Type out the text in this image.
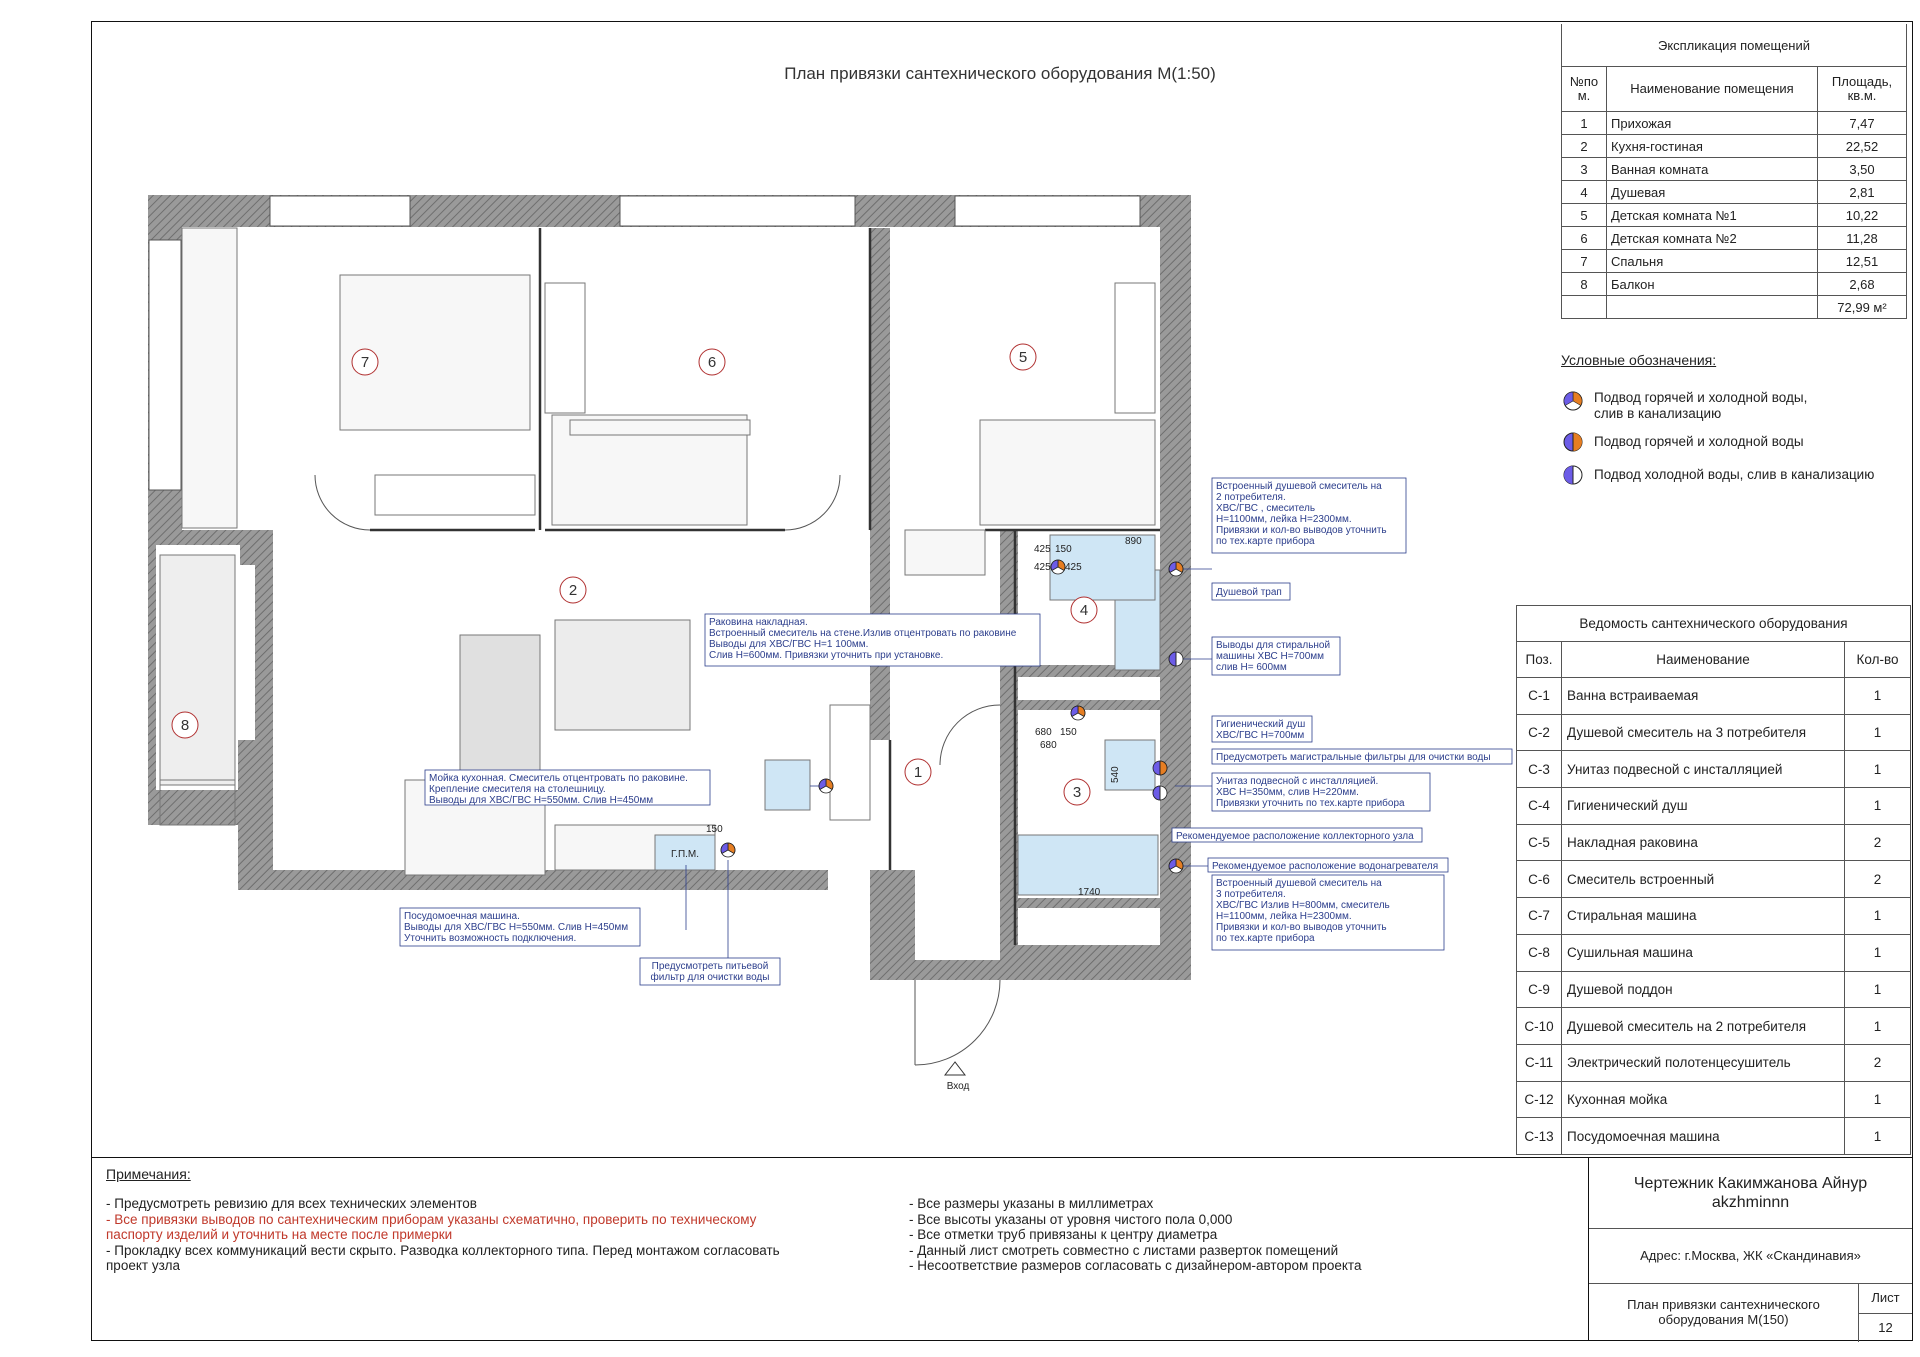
План привязки сантехнического оборудования М(1:50)
7	6	5
2
4
1
3
8
Вход
Г.П.М.
425 150
425 425
890
680 150
680
540
1740
150
Встроенный душевой смеситель на 2 потребителя. ХВС/ГВС , смеситель Н=1100мм, лейка Н=2300мм. Привязки и кол-во выводов уточнить по тех.карте прибора
Душевой трап
Выводы для стиральной машины ХВС Н=700мм слив Н= 600мм
Раковина накладная. Встроенный смеситель на стене.Излив отцентровать по раковине Выводы для ХВС/ГВС Н=1 100мм. Слив Н=600мм. Привязки уточнить при установке.
Гигиенический душ ХВС/ГВС Н=700мм
Предусмотреть магистральные фильтры для очистки воды
Унитаз подвесной с инсталляцией. ХВС Н=350мм, слив Н=220мм. Привязки уточнить по тех.карте прибора
Рекомендуемое расположение коллекторного узла
Рекомендуемое расположение водонагревателя
Встроенный душевой смеситель на 3 потребителя. ХВС/ГВС Излив Н=800мм, смеситель Н=1100мм, лейка Н=2300мм. Привязки и кол-во выводов уточнить по тех.карте прибора
Мойка кухонная. Смеситель отцентровать по раковине. Крепление смесителя на столешницу. Выводы для ХВС/ГВС Н=550мм. Слив Н=450мм
Посудомоечная машина. Выводы для ХВС/ГВС Н=550мм. Слив Н=450мм Уточнить возможность подключения.
Предусмотреть питьевой фильтр для очистки воды
Экспликация помещений		
№по м.	Наименование помещения	Площадь, кв.м.
1	Прихожая	7,47
2	Кухня-гостиная	22,52
3	Ванная комната	3,50
4	Душевая	2,81
5	Детская комната №1	10,22
6	Детская комната №2	11,28
7	Спальня	12,51
8	Балкон	2,68
		72,99 м²
Условные обозначения:
Подвод горячей и холодной воды, слив в канализацию
Подвод горячей и холодной воды
Подвод холодной воды, слив в канализацию
Ведомость сантехнического оборудования		
Поз.	Наименование	Кол-во
С-1	Ванна встраиваемая	1
С-2	Душевой смеситель на 3 потребителя	1
С-3	Унитаз подвесной с инсталляцией	1
С-4	Гигиенический душ	1
С-5	Накладная раковина	2
С-6	Смеситель встроенный	2
С-7	Стиральная машина	1
С-8	Сушильная машина	1
С-9	Душевой поддон	1
С-10	Душевой смеситель на 2 потребителя	1
С-11	Электрический полотенцесушитель	2
С-12	Кухонная мойка	1
С-13	Посудомоечная машина	1
Примечания:
- Предусмотреть ревизию для всех технических элементов
- Все привязки выводов по сантехническим приборам указаны схематично, проверить по техническому
паспорту изделий и уточнить на месте после примерки
- Прокладку всех коммуникаций вести скрыто. Разводка коллекторного типа. Перед монтажом согласовать
проект узла
- Все размеры указаны в миллиметрах
- Все высоты указаны от уровня чистого пола 0,000
- Все отметки труб привязаны к центру диаметра
- Данный лист смотреть совместно с листами разверток помещений
- Несоответствие размеров согласовать с дизайнером-автором проекта
Чертежник Какимжанова Айнур
akzhminnn
Адрес: г.Москва, ЖК «Скандинавия»
План привязки сантехнического
оборудования М(150)
Лист
12
